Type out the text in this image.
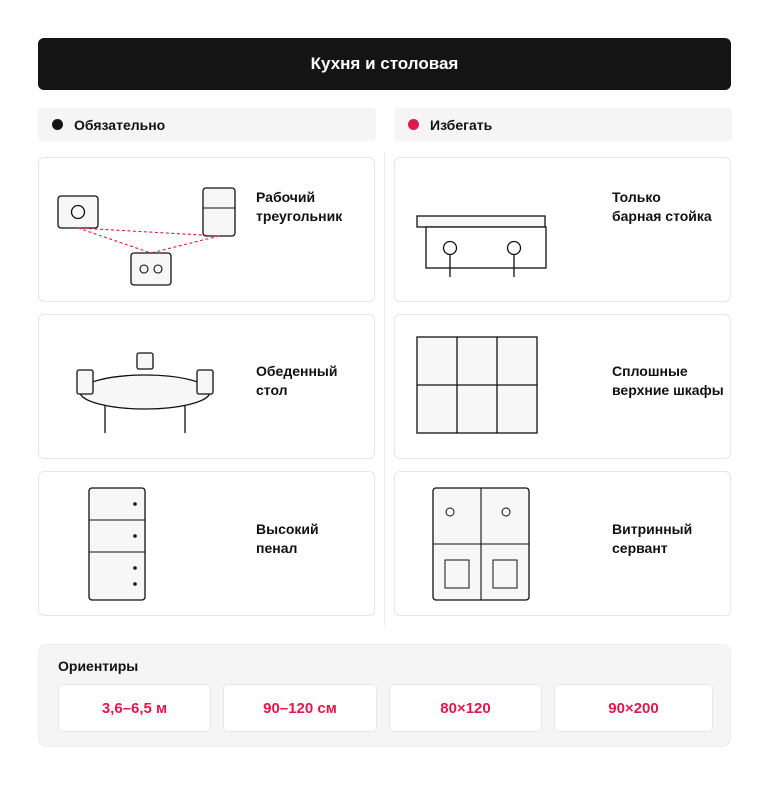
Кухня и столовая
Обязательно	Избегать
Рабочий
треугольник
Обеденный
стол
Высокий
пенал
Только
барная стойка
Сплошные
верхние шкафы
Витринный
сервант
Ориентиры
3,6–6,5 м	90–120 см	80×120	90×200
